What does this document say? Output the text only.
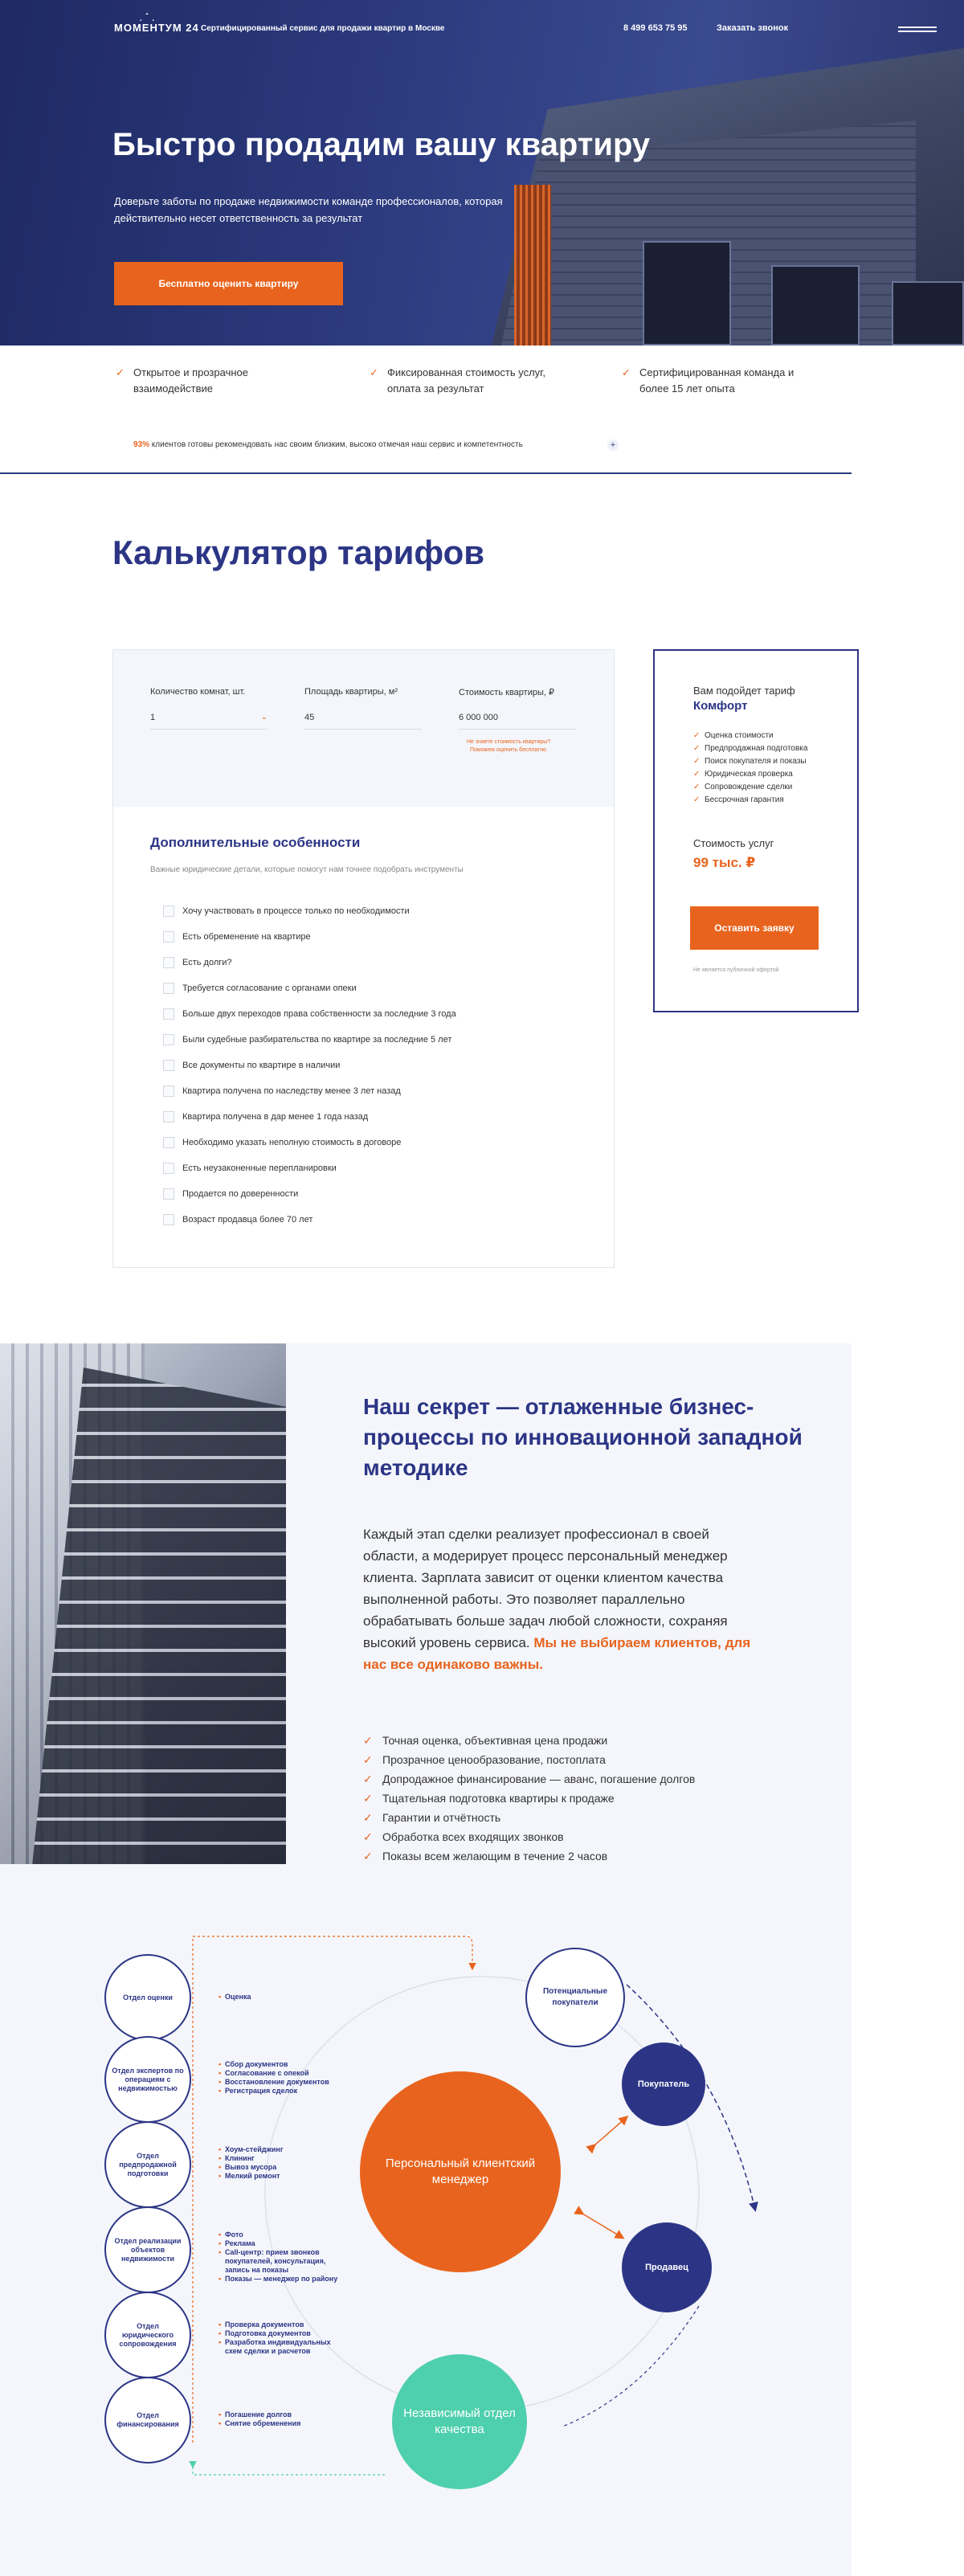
МОМЕНТУМ 24 Сертифицированный сервис для продажи квартир в Москве	8 499 653 75 95	Заказать звонок
Быстро продадим вашу квартиру
Доверьте заботы по продаже недвижимости команде профессионалов, которая действительно несет ответственность за результат
Бесплатно оценить квартиру
✓ Открытое и прозрачное взаимодействие
✓ Фиксированная стоимость услуг, оплата за результат
✓ Сертифицированная команда и более 15 лет опыта
93% клиентов готовы рекомендовать нас своим близким, высоко отмечая наш сервис и компетентность	+
Калькулятор тарифов
Количество комнат, шт.
1	⌄
Площадь квартиры, м²
45
Стоимость квартиры, ₽
6 000 000
Не знаете стоимость квартиры?
Поможем оценить бесплатно
Дополнительные особенности
Важные юридические детали, которые помогут нам точнее подобрать инструменты
Хочу участвовать в процессе только по необходимости
Есть обременение на квартире
Есть долги?
Требуется согласование с органами опеки
Больше двух переходов права собственности за последние 3 года
Были судебные разбирательства по квартире за последние 5 лет
Все документы по квартире в наличии
Квартира получена по наследству менее 3 лет назад
Квартира получена в дар менее 1 года назад
Необходимо указать неполную стоимость в договоре
Есть неузаконенные перепланировки
Продается по доверенности
Возраст продавца более 70 лет
Вам подойдет тариф
Комфорт
✓ Оценка стоимости
✓ Предпродажная подготовка
✓ Поиск покупателя и показы
✓ Юридическая проверка
✓ Сопровождение сделки
✓ Бессрочная гарантия
Стоимость услуг
99 тыс. ₽
Оставить заявку
Не является публичной офертой
Наш секрет — отлаженные бизнес-процессы по инновационной западной методике
Каждый этап сделки реализует профессионал в своей области, а модерирует процесс персональный менеджер клиента. Зарплата зависит от оценки клиентом качества выполненной работы. Это позволяет параллельно обрабатывать больше задач любой сложности, сохраняя высокий уровень сервиса. Мы не выбираем клиентов, для нас все одинаково важны.
✓ Точная оценка, объективная цена продажи
✓ Прозрачное ценообразование, постоплата
✓ Допродажное финансирование — аванс, погашение долгов
✓ Тщательная подготовка квартиры к продаже
✓ Гарантии и отчётность
✓ Обработка всех входящих звонков
✓ Показы всем желающим в течение 2 часов
Отдел оценки
•	Оценка
Отдел экспертов по операциям с недвижимостью
• Сбор документов
• Согласование с опекой
• Восстановление документов
• Регистрация сделок
Отдел предпродажной подготовки
• Хоум-стейджинг
• Клининг
• Вывоз мусора
• Мелкий ремонт
Отдел реализации объектов недвижимости
• Фото
• Реклама
• Call-центр: прием звонков покупателей, консультация, запись на показы
• Показы — менеджер по району
Отдел юридического сопровождения
• Проверка документов
• Подготовка документов
• Разработка индивидуальных схем сделки и расчетов
Отдел финансирования
• Погашение долгов
• Снятие обременения
Персональный клиентский менеджер
Независимый отдел качества
Потенциальные покупатели
Покупатель
Продавец
